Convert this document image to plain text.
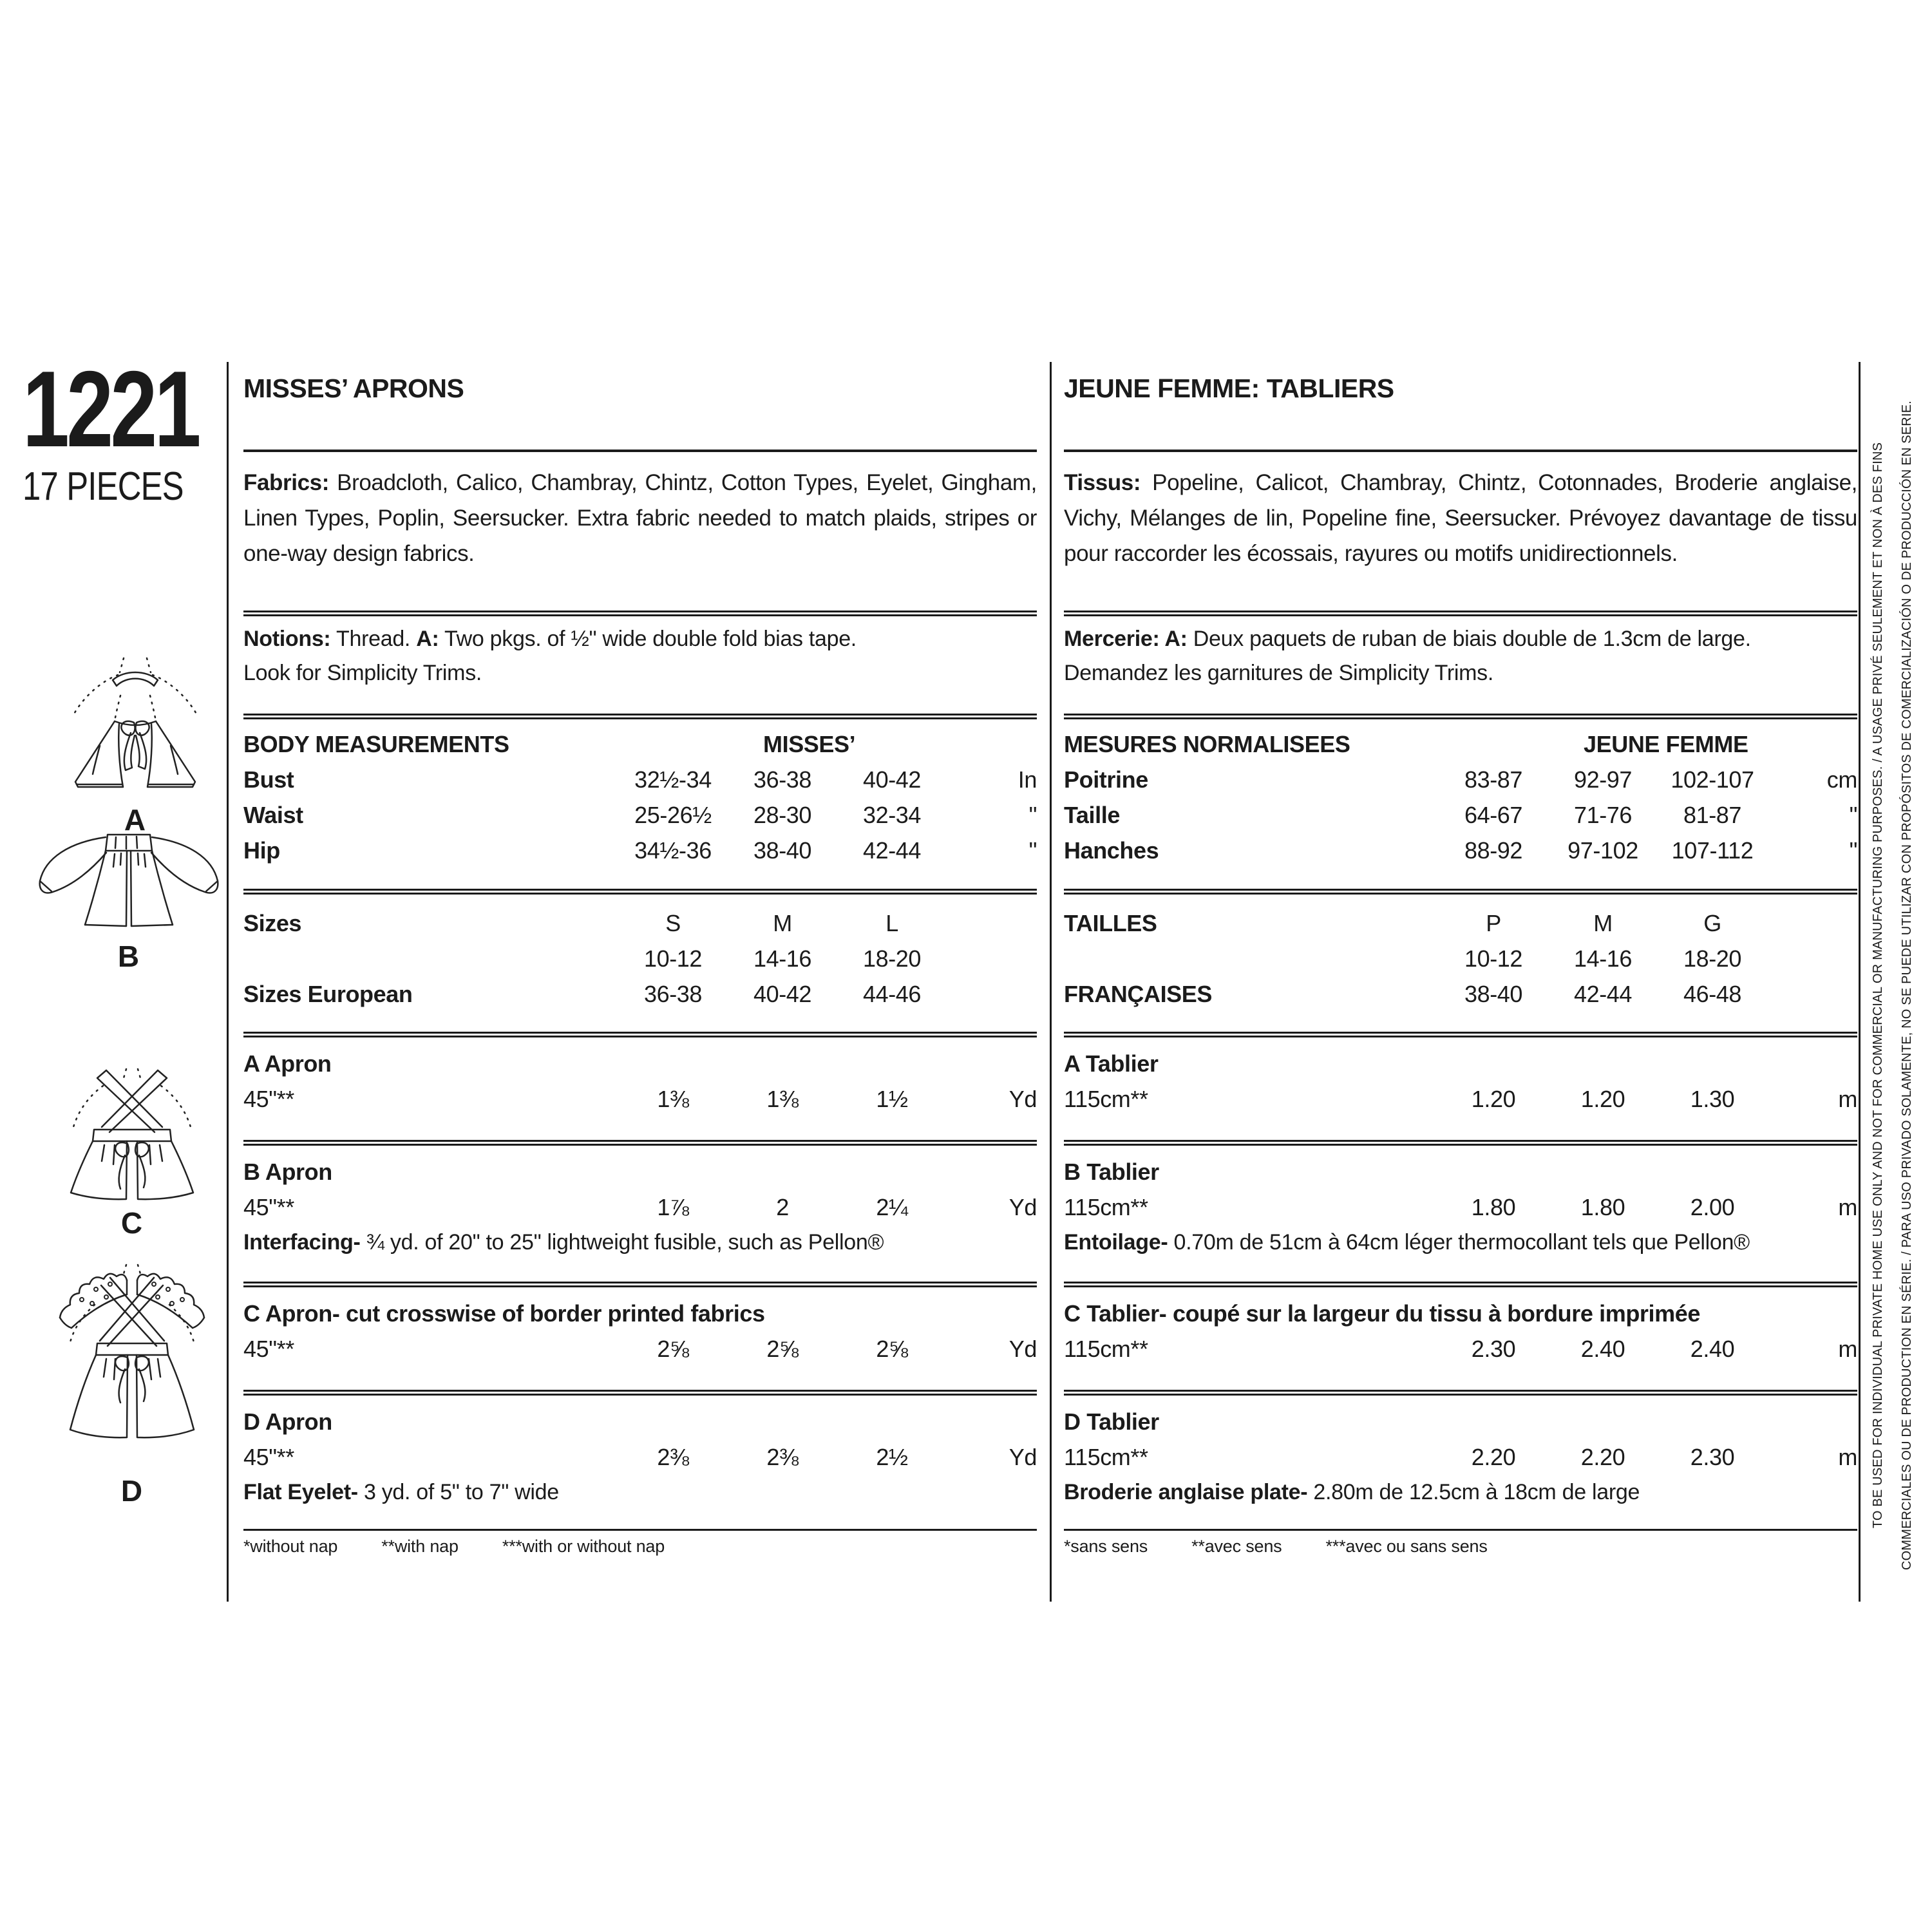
1221
17 PIECES
A
B
C
D
MISSES’ APRONS

Fabrics: Broadcloth, Calico, Chambray, Chintz, Cotton Types, Eyelet, Gingham, Linen Types, Poplin, Seersucker. Extra fabric needed to match plaids, stripes or one-way design fabrics.

Notions: Thread. A: Two pkgs. of ½" wide double fold bias tape.
Look for Simplicity Trims.
BODY MEASUREMENTS	MISSES’
Bust	32½-34	36-38	40-42	In
Waist	25-26½	28-30	32-34	"
Hip	34½-36	38-40	42-44	"
Sizes	S	M	L
10-12	14-16	18-20
Sizes European	36-38	40-42	44-46
A Apron
45"**	1⅜	1⅜	1½	Yd
B Apron
45"**	1⅞	2	2¼	Yd
Interfacing- ¾ yd. of 20" to 25" lightweight fusible, such as Pellon®
C Apron- cut crosswise of border printed fabrics
45"**	2⅝	2⅝	2⅝	Yd
D Apron
45"**	2⅜	2⅜	2½	Yd
Flat Eyelet- 3 yd. of 5" to 7" wide
*without nap	**with nap	***with or without nap
JEUNE FEMME: TABLIERS

Tissus: Popeline, Calicot, Chambray, Chintz, Cotonnades, Broderie anglaise, Vichy, Mélanges de lin, Popeline fine, Seersucker. Prévoyez davantage de tissu pour raccorder les écossais, rayures ou motifs unidirectionnels.

Mercerie: A: Deux paquets de ruban de biais double de 1.3cm de large.
Demandez les garnitures de Simplicity Trims.
MESURES NORMALISEES	JEUNE FEMME
Poitrine	83-87	92-97	102-107	cm
Taille	64-67	71-76	81-87	"
Hanches	88-92	97-102	107-112	"
TAILLES	P	M	G
10-12	14-16	18-20
FRANÇAISES	38-40	42-44	46-48
A Tablier
115cm**	1.20	1.20	1.30	m
B Tablier
115cm**	1.80	1.80	2.00	m
Entoilage- 0.70m de 51cm à 64cm léger thermocollant tels que Pellon®
C Tablier- coupé sur la largeur du tissu à bordure imprimée
115cm**	2.30	2.40	2.40	m
D Tablier
115cm**	2.20	2.20	2.30	m
Broderie anglaise plate- 2.80m de 12.5cm à 18cm de large
*sans sens	**avec sens	***avec ou sans sens
TO BE USED FOR INDIVIDUAL PRIVATE HOME USE ONLY AND NOT FOR COMMERCIAL OR MANUFACTURING PURPOSES. / A USAGE PRIVÉ SEULEMENT ET NON À DES FINS	COMMERCIALES OU DE PRODUCTION EN SÉRIE. / PARA USO PRIVADO SOLAMENTE, NO SE PUEDE UTILIZAR CON PROPÓSITOS DE COMERCIALIZACIÓN O DE PRODUCCIÓN EN SERIE.
